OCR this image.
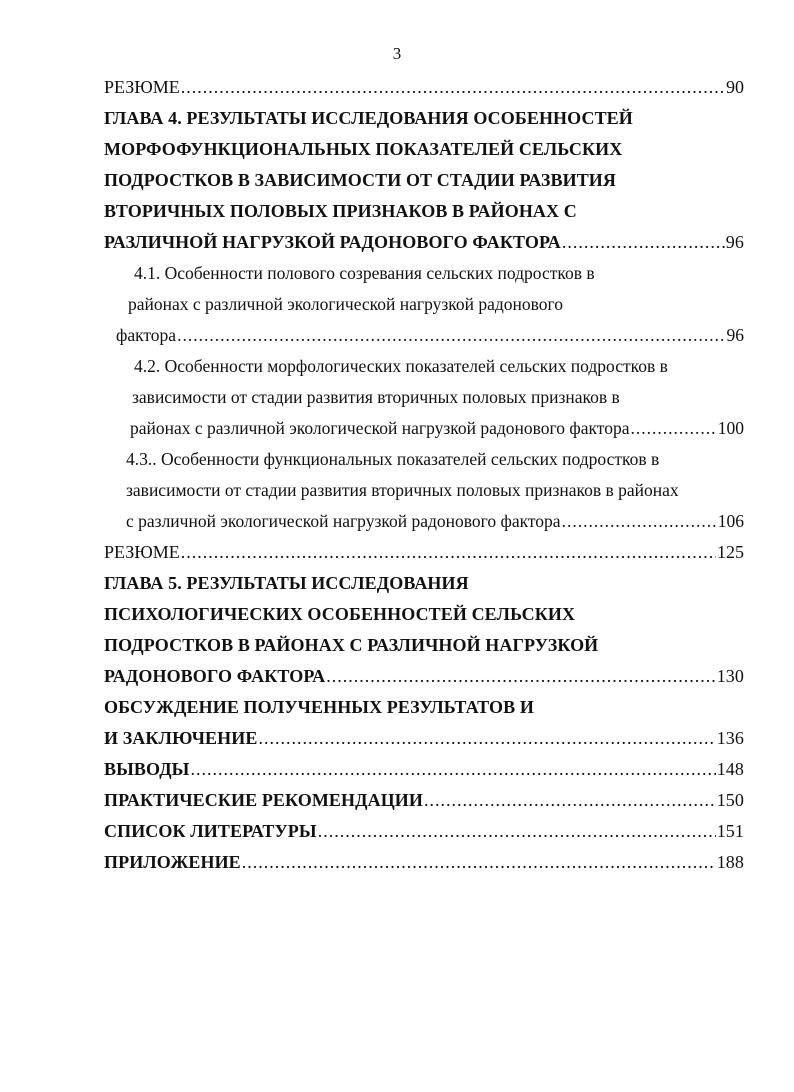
3
РЕЗЮМЕ .....	90
ГЛАВА 4. РЕЗУЛЬТАТЫ ИССЛЕДОВАНИЯ ОСОБЕННОСТЕЙ
МОРФОФУНКЦИОНАЛЬНЫХ ПОКАЗАТЕЛЕЙ СЕЛЬСКИХ
ПОДРОСТКОВ В ЗАВИСИМОСТИ ОТ СТАДИИ РАЗВИТИЯ
ВТОРИЧНЫХ ПОЛОВЫХ ПРИЗНАКОВ В РАЙОНАХ С
РАЗЛИЧНОЙ НАГРУЗКОЙ РАДОНОВОГО ФАКТОРА .....	96
4.1. Особенности полового созревания сельских подростков в
районах с различной экологической нагрузкой радонового
фактора .....	96
4.2. Особенности морфологических показателей сельских подростков в
зависимости от стадии развития вторичных половых признаков в
районах с различной экологической нагрузкой радонового фактора .....	100
4.3.. Особенности функциональных показателей сельских подростков в
зависимости от стадии развития вторичных половых признаков в районах
с различной экологической нагрузкой радонового фактора .....	106
РЕЗЮМЕ .....	125
ГЛАВА 5. РЕЗУЛЬТАТЫ ИССЛЕДОВАНИЯ
ПСИХОЛОГИЧЕСКИХ ОСОБЕННОСТЕЙ СЕЛЬСКИХ
ПОДРОСТКОВ В РАЙОНАХ С РАЗЛИЧНОЙ НАГРУЗКОЙ
РАДОНОВОГО ФАКТОРА .....	130
ОБСУЖДЕНИЕ ПОЛУЧЕННЫХ РЕЗУЛЬТАТОВ И
И ЗАКЛЮЧЕНИЕ .....	136
ВЫВОДЫ .....	148
ПРАКТИЧЕСКИЕ РЕКОМЕНДАЦИИ .....	150
СПИСОК ЛИТЕРАТУРЫ .....	151
ПРИЛОЖЕНИЕ .....	188
